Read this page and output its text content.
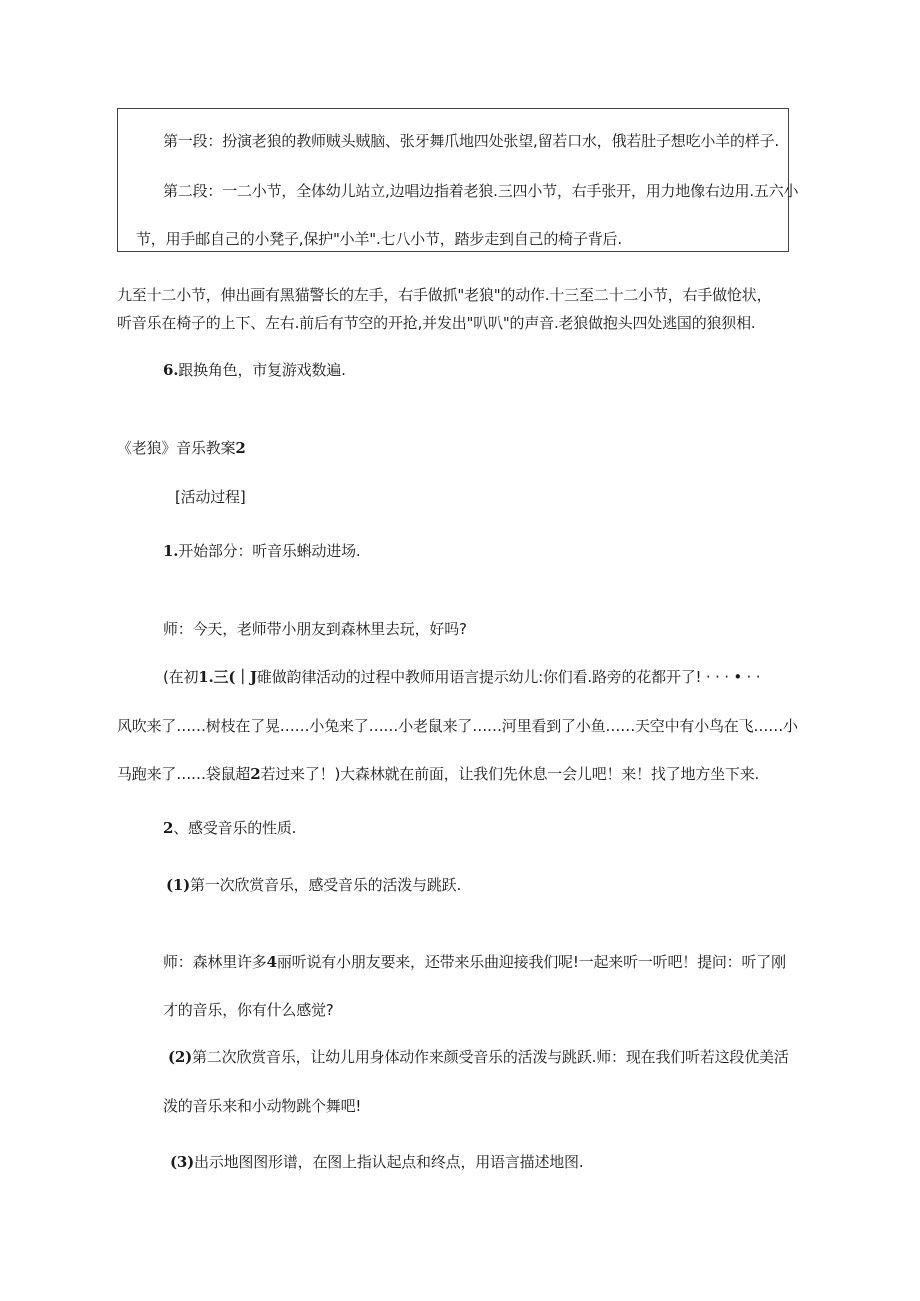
第一段：扮演老狼的教师贼头贼脑、张牙舞爪地四处张望,留若口水，俄若肚子想吃小羊的样子.
第二段：一二小节，全体幼儿站立,边唱边指着老狼.三四小节，右手张开，用力地像右边用.五六小
节，用手邮自己的小凳子,保护"小羊".七八小节，踏步走到自己的椅子背后.
九至十二小节，伸出画有黑猫警长的左手，右手做抓"老狼"的动作.十三至二十二小节，右手做怆状，
听音乐在椅子的上下、左右.前后有节空的开抢,并发出"叭叭"的声音.老狼做抱头四处逃国的狼狈相.
6.跟换角色，市复游戏数遍.
《老狼》音乐教案2
[活动过程]
1.开始部分：听音乐蝌动进场.
师：今天，老师带小朋友到森林里去玩，好吗?
(在初1.三(｜J碓做韵律活动的过程中教师用语言提示幼儿:你们看.路旁的花都开了! · · · • · ·
风吹来了……树枝在了晃……小兔来了……小老鼠来了……河里看到了小鱼……天空中有小鸟在飞……小
马跑来了……袋鼠超2若过来了！)大森林就在前面，让我们先休息一会儿吧！来！找了地方坐下来.
2、感受音乐的性质.
(1)第一次欣赏音乐，感受音乐的活泼与跳跃.
师：森林里许多4丽听说有小朋友要来，还带来乐曲迎接我们呢!一起来听一听吧！提问：听了刚
才的音乐，你有什么感觉?
(2)第二次欣赏音乐，让幼儿用身体动作来颜受音乐的活泼与跳跃.师：现在我们听若这段优美活
泼的音乐来和小动物跳个舞吧!
(3)出示地图图形谱，在图上指认起点和终点，用语言描述地图.
